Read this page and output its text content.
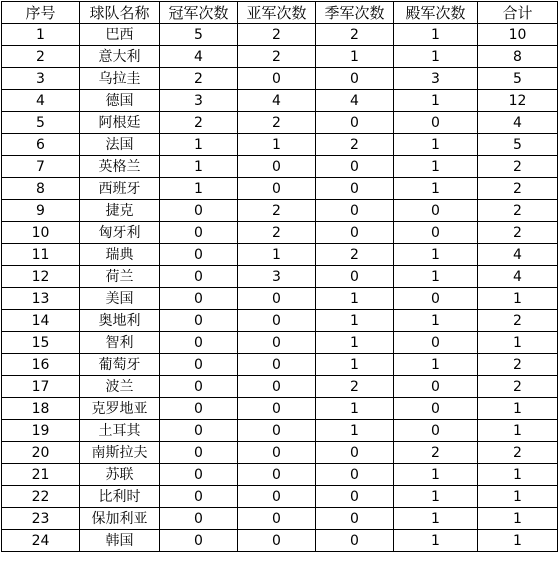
序号	球队名称	冠军次数	亚军次数	季军次数	殿军次数	合计
1	巴西	5	2	2	1	10
2	意大利	4	2	1	1	8
3	乌拉圭	2	0	0	3	5
4	德国	3	4	4	1	12
5	阿根廷	2	2	0	0	4
6	法国	1	1	2	1	5
7	英格兰	1	0	0	1	2
8	西班牙	1	0	0	1	2
9	捷克	0	2	0	0	2
10	匈牙利	0	2	0	0	2
11	瑞典	0	1	2	1	4
12	荷兰	0	3	0	1	4
13	美国	0	0	1	0	1
14	奥地利	0	0	1	1	2
15	智利	0	0	1	0	1
16	葡萄牙	0	0	1	1	2
17	波兰	0	0	2	0	2
18	克罗地亚	0	0	1	0	1
19	土耳其	0	0	1	0	1
20	南斯拉夫	0	0	0	2	2
21	苏联	0	0	0	1	1
22	比利时	0	0	0	1	1
23	保加利亚	0	0	0	1	1
24	韩国	0	0	0	1	1
